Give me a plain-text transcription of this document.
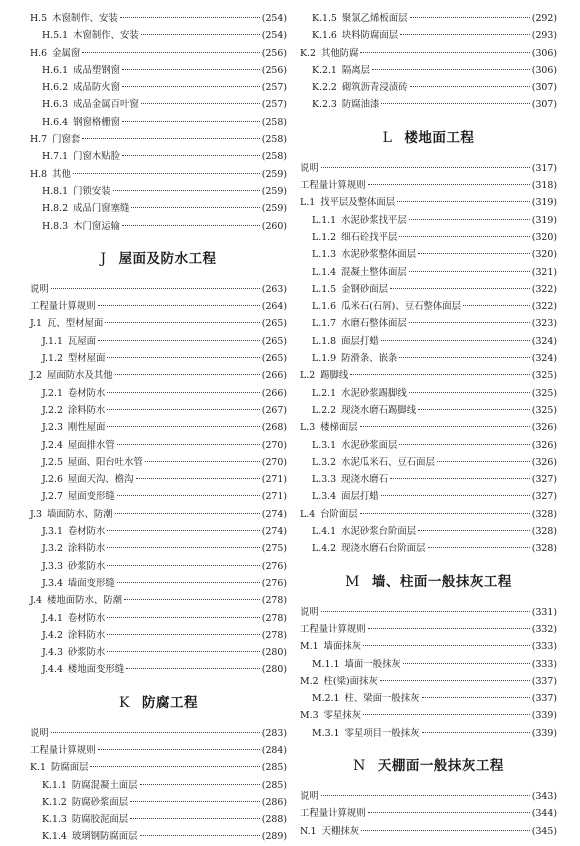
H.5 木窗制作、安装	(254)
H.5.1 木窗制作、安装	(254)
H.6 金属窗	(256)
H.6.1 成品塑钢窗	(256)
H.6.2 成品防火窗	(257)
H.6.3 成品金属百叶窗	(257)
H.6.4 钢窗格栅窗	(258)
H.7 门窗套	(258)
H.7.1 门窗木贴脸	(258)
H.8 其他	(259)
H.8.1 门锁安装	(259)
H.8.2 成品门窗塞缝	(259)
H.8.3 木门窗运输	(260)
J 屋面及防水工程
说明	(263)
工程量计算规则	(264)
J.1 瓦、型材屋面	(265)
J.1.1 瓦屋面	(265)
J.1.2 型材屋面	(265)
J.2 屋面防水及其他	(266)
J.2.1 卷材防水	(266)
J.2.2 涂料防水	(267)
J.2.3 刚性屋面	(268)
J.2.4 屋面排水管	(270)
J.2.5 屋面、阳台吐水管	(270)
J.2.6 屋面天沟、檐沟	(271)
J.2.7 屋面变形缝	(271)
J.3 墙面防水、防潮	(274)
J.3.1 卷材防水	(274)
J.3.2 涂料防水	(275)
J.3.3 砂浆防水	(276)
J.3.4 墙面变形缝	(276)
J.4 楼地面防水、防潮	(278)
J.4.1 卷材防水	(278)
J.4.2 涂料防水	(278)
J.4.3 砂浆防水	(280)
J.4.4 楼地面变形缝	(280)
K 防腐工程
说明	(283)
工程量计算规则	(284)
K.1 防腐面层	(285)
K.1.1 防腐混凝土面层	(285)
K.1.2 防腐砂浆面层	(286)
K.1.3 防腐胶泥面层	(288)
K.1.4 玻璃钢防腐面层	(289)
K.1.5 聚氯乙烯板面层	(292)
K.1.6 块料防腐面层	(293)
K.2 其他防腐	(306)
K.2.1 隔离层	(306)
K.2.2 砌筑沥青浸渍砖	(307)
K.2.3 防腐油漆	(307)
L 楼地面工程
说明	(317)
工程量计算规则	(318)
L.1 找平层及整体面层	(319)
L.1.1 水泥砂浆找平层	(319)
L.1.2 细石砼找平层	(320)
L.1.3 水泥砂浆整体面层	(320)
L.1.4 混凝土整体面层	(321)
L.1.5 金钢砂面层	(322)
L.1.6 瓜米石(石屑)、豆石整体面层	(322)
L.1.7 水磨石整体面层	(323)
L.1.8 面层打蜡	(324)
L.1.9 防滑条、嵌条	(324)
L.2 踢脚线	(325)
L.2.1 水泥砂浆踢脚线	(325)
L.2.2 现浇水磨石踢脚线	(325)
L.3 楼梯面层	(326)
L.3.1 水泥砂浆面层	(326)
L.3.2 水泥瓜米石、豆石面层	(326)
L.3.3 现浇水磨石	(327)
L.3.4 面层打蜡	(327)
L.4 台阶面层	(328)
L.4.1 水泥砂浆台阶面层	(328)
L.4.2 现浇水磨石台阶面层	(328)
M 墙、柱面一般抹灰工程
说明	(331)
工程量计算规则	(332)
M.1 墙面抹灰	(333)
M.1.1 墙面一般抹灰	(333)
M.2 柱(梁)面抹灰	(337)
M.2.1 柱、梁面一般抹灰	(337)
M.3 零星抹灰	(339)
M.3.1 零星项目一般抹灰	(339)
N 天棚面一般抹灰工程
说明	(343)
工程量计算规则	(344)
N.1 天棚抹灰	(345)
